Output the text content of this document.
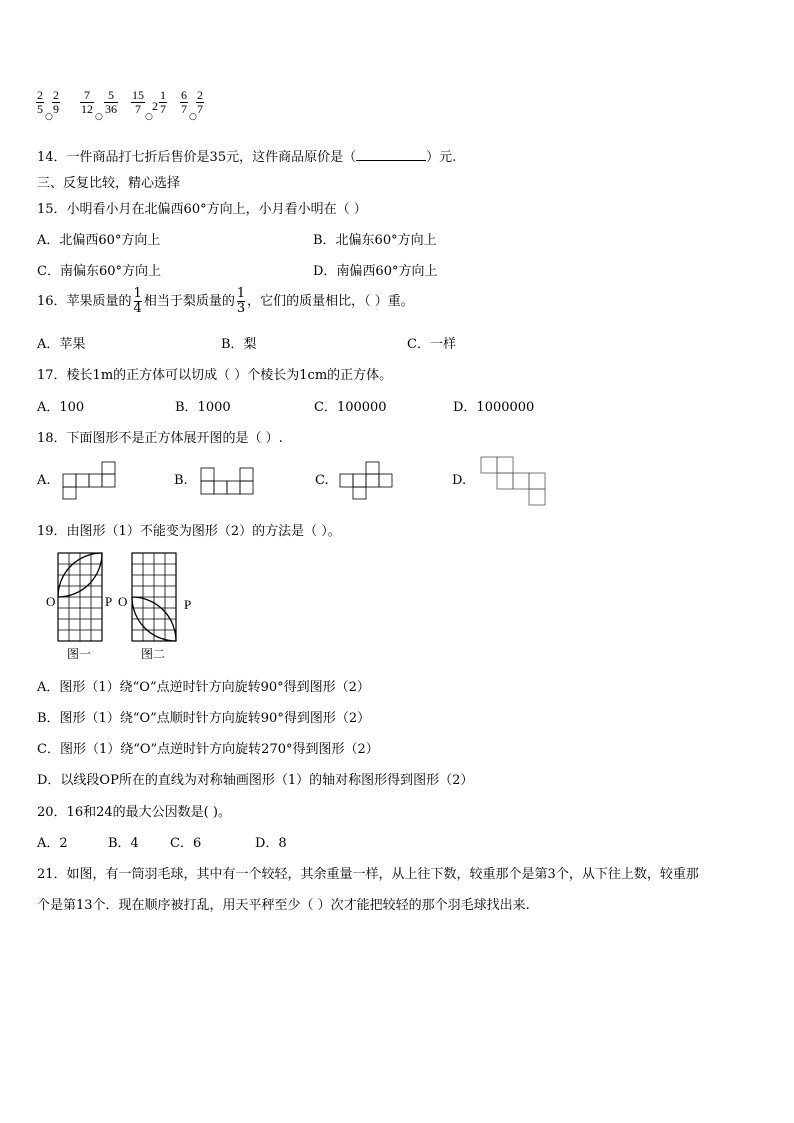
$\frac{2}{5}$
○
$\frac{2}{9} \frac{7}{12}$
○
$\frac{5}{36} \frac{15}{7}$
○
$2 \frac{1}{7} \frac{6}{7}$
○
$\frac{2}{7}$
14．一件商品打七折后售价是35元，这件商品原价是（	）元.
三、反复比较，精心选择
15．小明看小月在北偏西60°方向上，小月看小明在（ ）
A．北偏西60°方向上	B．北偏东60°方向上
C．南偏东60°方向上	D．南偏西60°方向上
16．苹果质量的 $\frac{1}{4}$ 相当于梨质量的 $\frac{1}{3}$ ，它们的质量相比，（ ）重。
A．苹果	B．梨	C．一样
17．棱长1m的正方体可以切成（ ）个棱长为1cm的正方体。
A．100	B．1000	C．100000	D．1000000
18．下面图形不是正方体展开图的是（ ）.
A.	B.	C.	D.
19．由图形（1）不能变为图形（2）的方法是（ ）。
O	P O	P
图一	图二
A．图形（1）绕“O”点逆时针方向旋转90°得到图形（2）
B．图形（1）绕“O”点顺时针方向旋转90°得到图形（2）
C．图形（1）绕“O”点逆时针方向旋转270°得到图形（2）
D．以线段OP所在的直线为对称轴画图形（1）的轴对称图形得到图形（2）
20．16和24的最大公因数是( )。
A．2	B．4 C．6	D．8
21．如图，有一筒羽毛球，其中有一个较轻，其余重量一样，从上往下数，较重那个是第3个，从下往上数，较重那
个是第13个．现在顺序被打乱，用天平秤至少（ ）次才能把较轻的那个羽毛球找出来.
